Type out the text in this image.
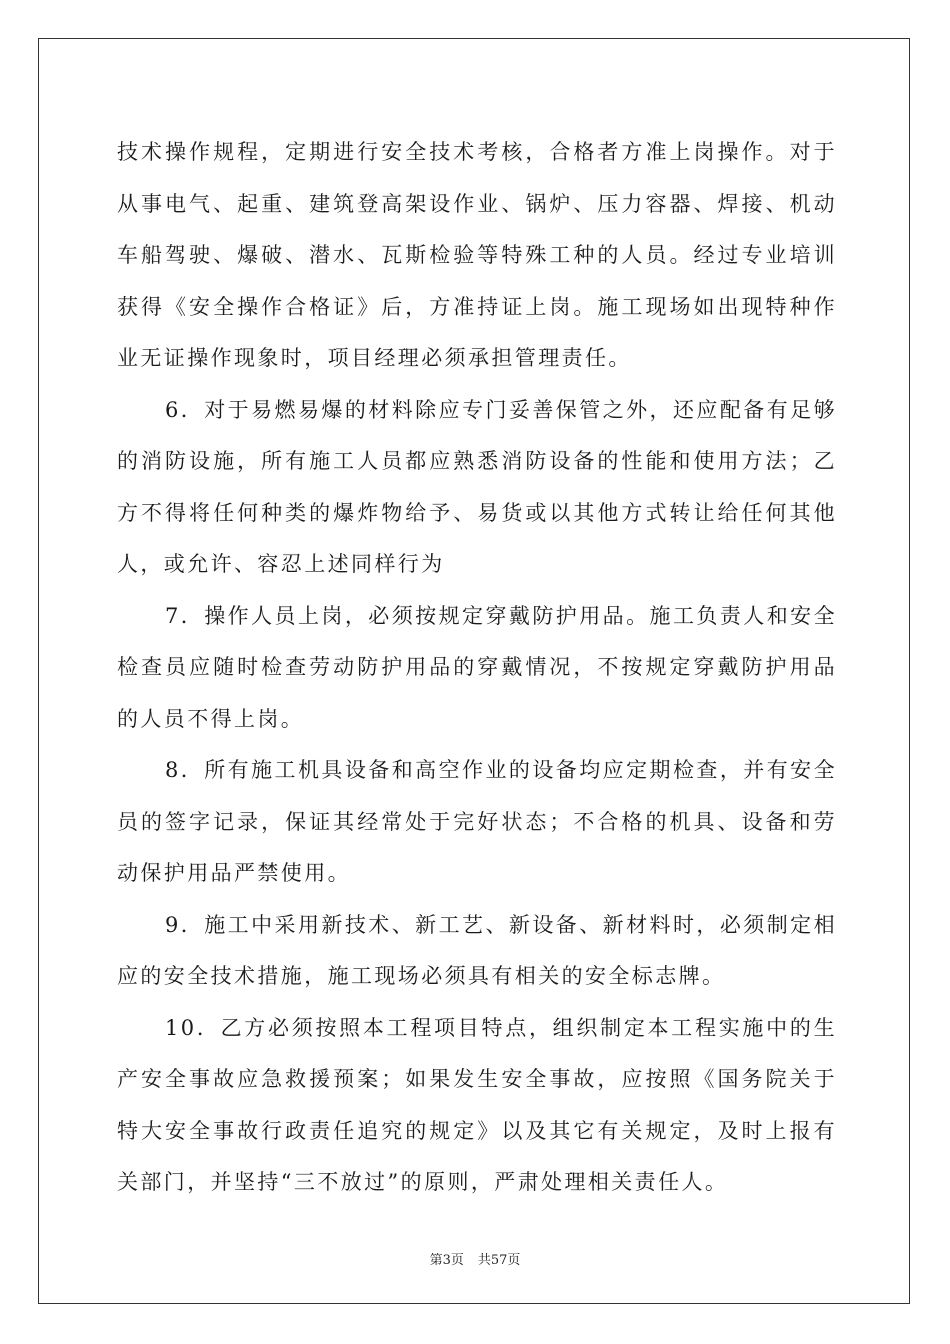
技术操作规程，定期进行安全技术考核，合格者方准上岗操作。对于从事电气、起重、建筑登高架设作业、锅炉、压力容器、焊接、机动车船驾驶、爆破、潜水、瓦斯检验等特殊工种的人员。经过专业培训获得《安全操作合格证》后，方准持证上岗。施工现场如出现特种作业无证操作现象时，项目经理必须承担管理责任。

6．对于易燃易爆的材料除应专门妥善保管之外，还应配备有足够的消防设施，所有施工人员都应熟悉消防设备的性能和使用方法；乙方不得将任何种类的爆炸物给予、易货或以其他方式转让给任何其他人，或允许、容忍上述同样行为

7．操作人员上岗，必须按规定穿戴防护用品。施工负责人和安全检查员应随时检查劳动防护用品的穿戴情况，不按规定穿戴防护用品的人员不得上岗。

8．所有施工机具设备和高空作业的设备均应定期检查，并有安全员的签字记录，保证其经常处于完好状态；不合格的机具、设备和劳动保护用品严禁使用。

9．施工中采用新技术、新工艺、新设备、新材料时，必须制定相应的安全技术措施，施工现场必须具有相关的安全标志牌。

10．乙方必须按照本工程项目特点，组织制定本工程实施中的生产安全事故应急救援预案；如果发生安全事故，应按照《国务院关于特大安全事故行政责任追究的规定》以及其它有关规定，及时上报有关部门，并坚持“三不放过”的原则，严肃处理相关责任人。

第3页 共57页
